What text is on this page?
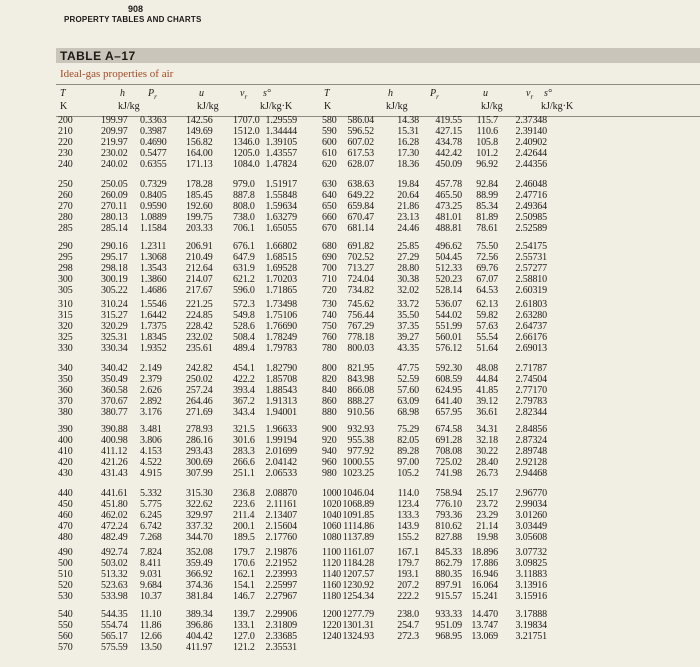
908
PROPERTY TABLES AND CHARTS
TABLE A–17
Ideal-gas properties of air
T
K
h
kJ/kg
$P_r$	u
kJ/kg
$v_r$ s°
kJ/kg·K
T
K
h
kJ/kg
$P_r$	u
kJ/kg
$v_r$ s°
kJ/kg·K
200	199.97 0.3363 142.56 1707.0 1.29559
210	209.97 0.3987 149.69 1512.0 1.34444
220	219.97 0.4690 156.82 1346.0 1.39105
230	230.02 0.5477 164.00 1205.0 1.43557
240	240.02 0.6355 171.13 1084.0 1.47824
250	250.05 0.7329 178.28 979.0	1.51917
260	260.09 0.8405 185.45 887.8	1.55848
270	270.11 0.9590 192.60 808.0	1.59634
280	280.13 1.0889 199.75 738.0	1.63279
285	285.14 1.1584 203.33 706.1	1.65055
290	290.16 1.2311 206.91 676.1	1.66802
295	295.17 1.3068 210.49 647.9	1.68515
298	298.18 1.3543 212.64 631.9	1.69528
300	300.19 1.3860 214.07 621.2	1.70203
305	305.22 1.4686 217.67 596.0	1.71865
310	310.24 1.5546 221.25 572.3	1.73498
315	315.27 1.6442 224.85 549.8	1.75106
320	320.29 1.7375 228.42 528.6	1.76690
325	325.31 1.8345 232.02 508.4	1.78249
330	330.34 1.9352 235.61 489.4	1.79783
340	340.42 2.149 242.82 454.1	1.82790
350	350.49 2.379 250.02 422.2	1.85708
360	360.58 2.626 257.24 393.4	1.88543
370	370.67 2.892 264.46 367.2	1.91313
380	380.77 3.176 271.69 343.4	1.94001
390	390.88 3.481 278.93 321.5	1.96633
400	400.98 3.806 286.16 301.6	1.99194
410	411.12 4.153 293.43 283.3	2.01699
420	421.26 4.522 300.69 266.6	2.04142
430	431.43 4.915 307.99 251.1	2.06533
440	441.61 5.332 315.30 236.8	2.08870
450	451.80 5.775 322.62 223.6	2.11161
460	462.02 6.245 329.97 211.4	2.13407
470	472.24 6.742 337.32 200.1	2.15604
480	482.49 7.268 344.70 189.5	2.17760
490	492.74 7.824 352.08 179.7	2.19876
500	503.02 8.411 359.49 170.6	2.21952
510	513.32 9.031 366.92 162.1	2.23993
520	523.63 9.684 374.36 154.1	2.25997
530	533.98 10.37 381.84 146.7	2.27967
540	544.35 11.10 389.34 139.7	2.29906
550	554.74 11.86 396.86 133.1	2.31809
560	565.17 12.66 404.42 127.0	2.33685
570	575.59 13.50 411.97 121.2	2.35531
580	586.04	14.38	419.55	115.7	2.37348
590	596.52	15.31	427.15	110.6	2.39140
600	607.02	16.28	434.78	105.8	2.40902
610	617.53	17.30	442.42	101.2	2.42644
620	628.07	18.36	450.09	96.92	2.44356
630	638.63	19.84	457.78	92.84	2.46048
640	649.22	20.64	465.50	88.99	2.47716
650	659.84	21.86	473.25	85.34	2.49364
660	670.47	23.13	481.01	81.89	2.50985
670	681.14	24.46	488.81	78.61	2.52589
680	691.82	25.85	496.62	75.50	2.54175
690	702.52	27.29	504.45	72.56	2.55731
700	713.27	28.80	512.33	69.76	2.57277
710	724.04	30.38	520.23	67.07	2.58810
720	734.82	32.02	528.14	64.53	2.60319
730	745.62	33.72	536.07	62.13	2.61803
740	756.44	35.50	544.02	59.82	2.63280
750	767.29	37.35	551.99	57.63	2.64737
760	778.18	39.27	560.01	55.54	2.66176
780	800.03	43.35	576.12	51.64	2.69013
800	821.95	47.75	592.30	48.08	2.71787
820	843.98	52.59	608.59	44.84	2.74504
840	866.08	57.60	624.95	41.85	2.77170
860	888.27	63.09	641.40	39.12	2.79783
880	910.56	68.98	657.95	36.61	2.82344
900	932.93	75.29	674.58	34.31	2.84856
920	955.38	82.05	691.28	32.18	2.87324
940	977.92	89.28	708.08	30.22	2.89748
960 1000.55	97.00	725.02	28.40	2.92128
980 1023.25	105.2	741.98	26.73	2.94468
1000 1046.04	114.0	758.94	25.17	2.96770
1020 1068.89	123.4	776.10	23.72	2.99034
1040 1091.85	133.3	793.36	23.29	3.01260
1060 1114.86	143.9	810.62	21.14	3.03449
1080 1137.89	155.2	827.88	19.98	3.05608
1100 1161.07	167.1	845.33 18.896	3.07732
1120 1184.28	179.7	862.79 17.886	3.09825
1140 1207.57	193.1	880.35 16.946	3.11883
1160 1230.92	207.2	897.91 16.064	3.13916
1180 1254.34	222.2	915.57 15.241	3.15916
1200 1277.79	238.0	933.33 14.470	3.17888
1220 1301.31	254.7	951.09 13.747	3.19834
1240 1324.93	272.3	968.95 13.069	3.21751
